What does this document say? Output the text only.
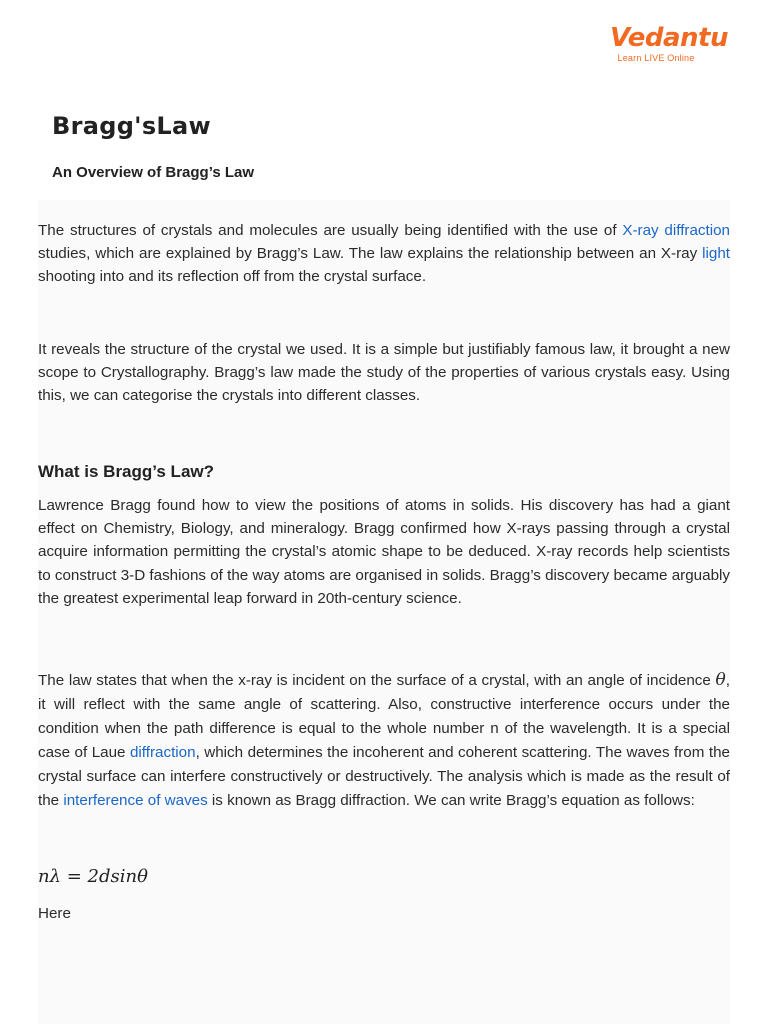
Vedantu
Learn LIVE Online
Bragg'sLaw
An Overview of Bragg’s Law

The structures of crystals and molecules are usually being identified with the use of X-ray diffraction studies, which are explained by Bragg’s Law. The law explains the relationship between an X-ray light shooting into and its reflection off from the crystal surface.

It reveals the structure of the crystal we used. It is a simple but justifiably famous law, it brought a new scope to Crystallography. Bragg’s law made the study of the properties of various crystals easy. Using this, we can categorise the crystals into different classes.

What is Bragg’s Law?

Lawrence Bragg found how to view the positions of atoms in solids. His discovery has had a giant effect on Chemistry, Biology, and mineralogy. Bragg confirmed how X-rays passing through a crystal acquire information permitting the crystal’s atomic shape to be deduced. X-ray records help scientists to construct 3-D fashions of the way atoms are organised in solids. Bragg’s discovery became arguably the greatest experimental leap forward in 20th-century science.

The law states that when the x-ray is incident on the surface of a crystal, with an angle of incidence θ, it will reflect with the same angle of scattering. Also, constructive interference occurs under the condition when the path difference is equal to the whole number n of the wavelength. It is a special case of Laue diffraction, which determines the incoherent and coherent scattering. The waves from the crystal surface can interfere constructively or destructively. The analysis which is made as the result of the interference of waves is known as Bragg diffraction. We can write Bragg’s equation as follows:

nλ = 2dsinθ
Here
